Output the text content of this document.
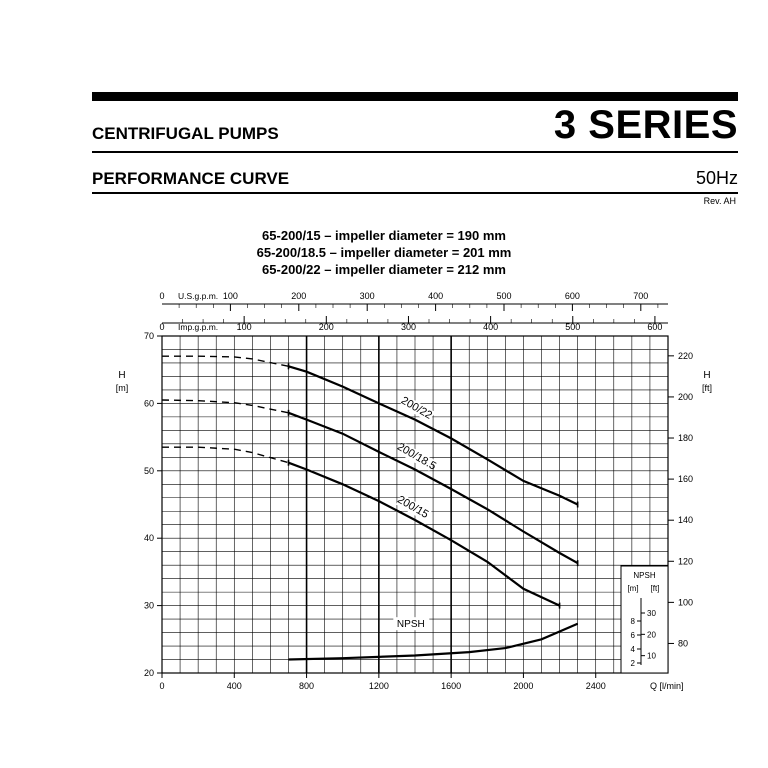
CENTRIFUGAL PUMPS	3 SERIES
PERFORMANCE CURVE	50Hz
Rev. AH
65-200/15 – impeller diameter = 190 mm
65-200/18.5 – impeller diameter = 201 mm
65-200/22 – impeller diameter = 212 mm
0	400	800	1200	1600	2000	2400	Q [l/min]
20
30
40
50
60
70
H
[m]
80
100
120
140
160
180
200
220
H
[ft]
0 U.S.g.p.m. 100	200	300	400	500	600	700
0 Imp.g.p.m. 100	200	300	400	500	600
200/22
200/18.5
200/15
NPSH
NPSH
[m] [ft]
2
4
6
8
10
20
30
